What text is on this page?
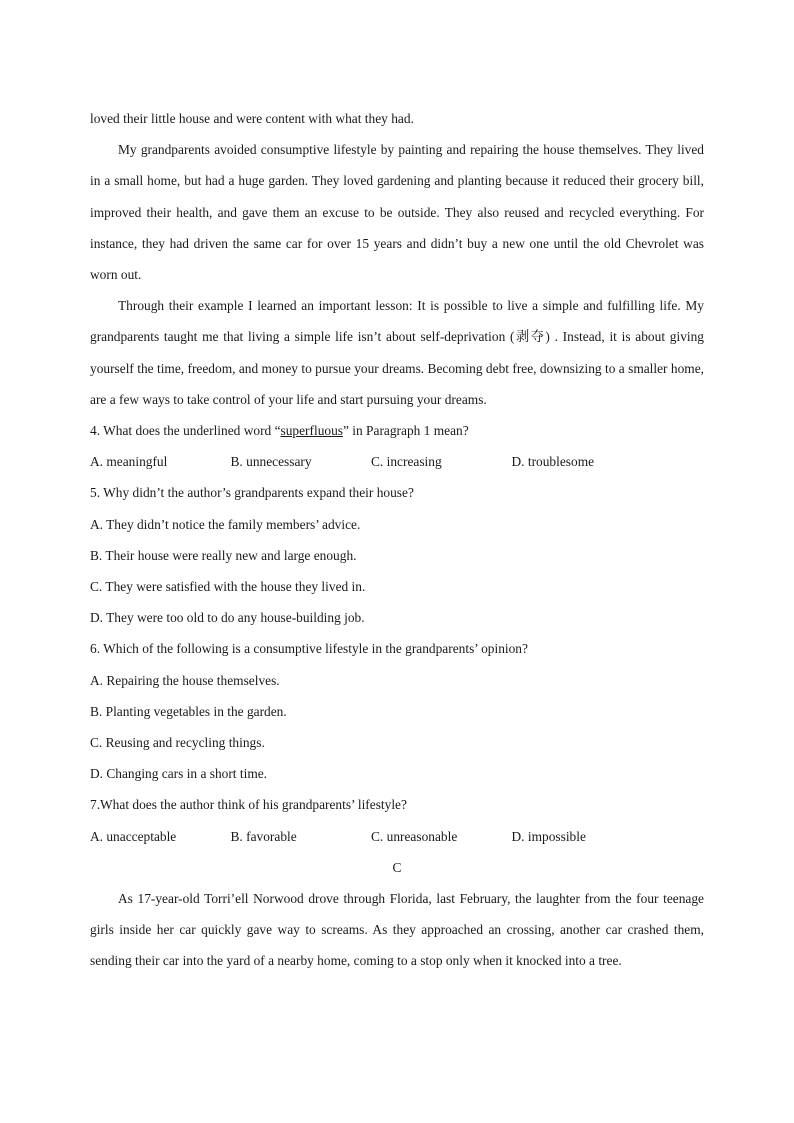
loved their little house and were content with what they had.

My grandparents avoided consumptive lifestyle by painting and repairing the house themselves. They lived in a small home, but had a huge garden. They loved gardening and planting because it reduced their grocery bill, improved their health, and gave them an excuse to be outside. They also reused and recycled everything. For instance, they had driven the same car for over 15 years and didn’t buy a new one until the old Chevrolet was worn out.

Through their example I learned an important lesson: It is possible to live a simple and fulfilling life. My grandparents taught me that living a simple life isn’t about self-deprivation (剥夺) . Instead, it is about giving yourself the time, freedom, and money to pursue your dreams. Becoming debt free, downsizing to a smaller home, are a few ways to take control of your life and start pursuing your dreams.

4. What does the underlined word “superfluous” in Paragraph 1 mean?

A. meaningful	B. unnecessary	C. increasing	D. troublesome

5. Why didn’t the author’s grandparents expand their house?

A. They didn’t notice the family members’ advice.

B. Their house were really new and large enough.

C. They were satisfied with the house they lived in.

D. They were too old to do any house-building job.

6. Which of the following is a consumptive lifestyle in the grandparents’ opinion?

A. Repairing the house themselves.

B. Planting vegetables in the garden.

C. Reusing and recycling things.

D. Changing cars in a short time.

7.What does the author think of his grandparents’ lifestyle?

A. unacceptable	B. favorable	C. unreasonable	D. impossible

C

As 17-year-old Torri’ell Norwood drove through Florida, last February, the laughter from the four teenage girls inside her car quickly gave way to screams. As they approached an crossing, another car crashed them, sending their car into the yard of a nearby home, coming to a stop only when it knocked into a tree.
